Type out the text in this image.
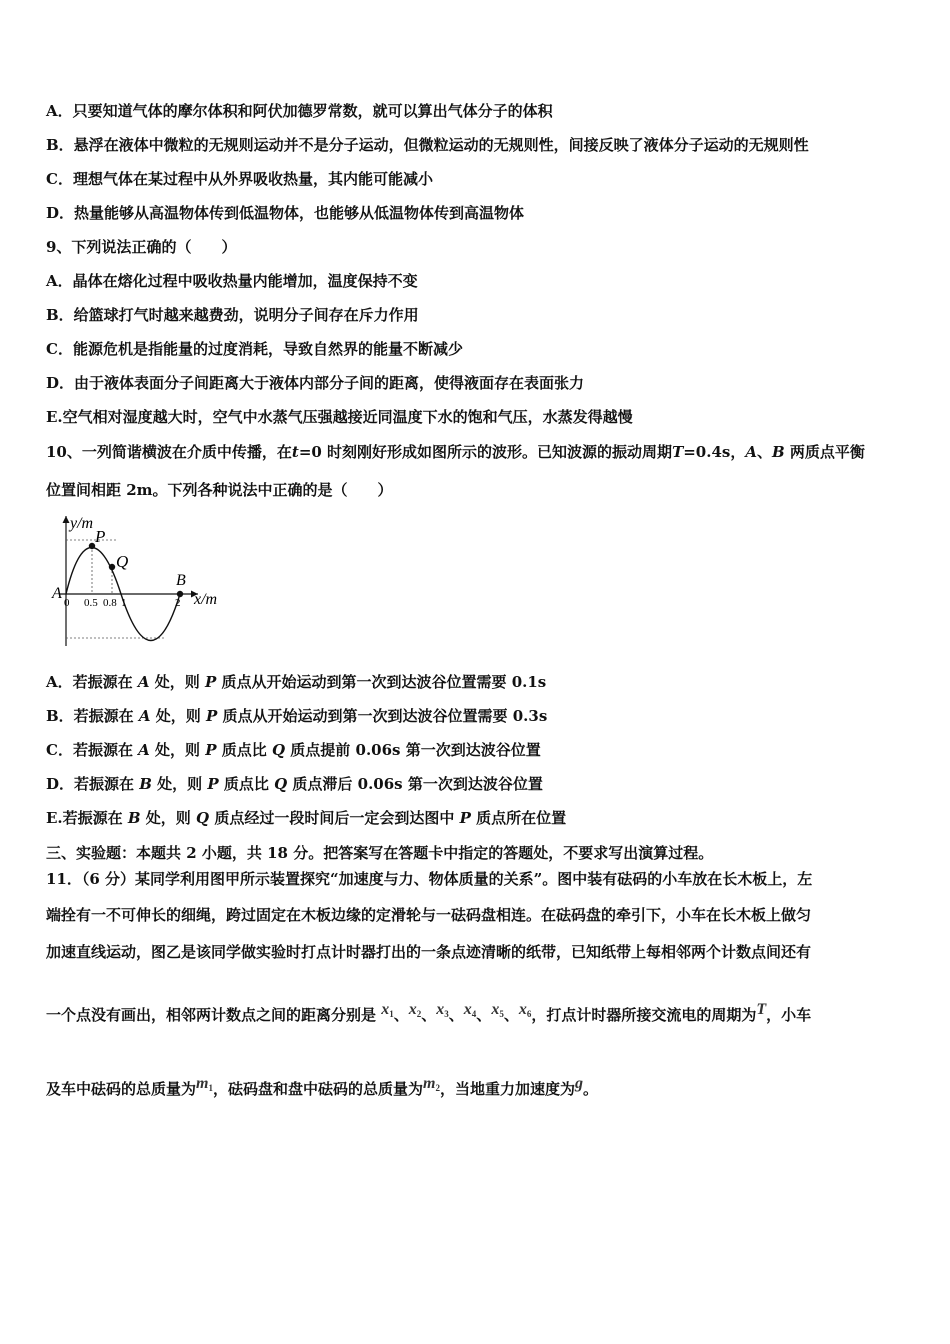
A．只要知道气体的摩尔体积和阿伏加德罗常数，就可以算出气体分子的体积
B．悬浮在液体中微粒的无规则运动并不是分子运动，但微粒运动的无规则性，间接反映了液体分子运动的无规则性
C．理想气体在某过程中从外界吸收热量，其内能可能减小
D．热量能够从高温物体传到低温物体，也能够从低温物体传到高温物体
9、下列说法正确的（　　）
A．晶体在熔化过程中吸收热量内能增加，温度保持不变
B．给篮球打气时越来越费劲，说明分子间存在斥力作用
C．能源危机是指能量的过度消耗，导致自然界的能量不断减少
D．由于液体表面分子间距离大于液体内部分子间的距离，使得液面存在表面张力
E.空气相对湿度越大时，空气中水蒸气压强越接近同温度下水的饱和气压，水蒸发得越慢
10、一列简谐横波在介质中传播，在t=0 时刻刚好形成如图所示的波形。已知波源的振动周期T=0.4s，A、B 两质点平衡
位置间相距 2m。下列各种说法中正确的是（　　）
y/m
x/m
P
Q
A
B
0 0.5 0.8 1	2
A．若振源在 A 处，则 P 质点从开始运动到第一次到达波谷位置需要 0.1s
B．若振源在 A 处，则 P 质点从开始运动到第一次到达波谷位置需要 0.3s
C．若振源在 A 处，则 P 质点比 Q 质点提前 0.06s 第一次到达波谷位置
D．若振源在 B 处，则 P 质点比 Q 质点滞后 0.06s 第一次到达波谷位置
E.若振源在 B 处，则 Q 质点经过一段时间后一定会到达图中 P 质点所在位置
三、实验题：本题共 2 小题，共 18 分。把答案写在答题卡中指定的答题处，不要求写出演算过程。
11．（6 分）某同学利用图甲所示装置探究“加速度与力、物体质量的关系”。图中装有砝码的小车放在长木板上，左
端拴有一不可伸长的细绳，跨过固定在木板边缘的定滑轮与一砝码盘相连。在砝码盘的牵引下，小车在长木板上做匀
加速直线运动，图乙是该同学做实验时打点计时器打出的一条点迹清晰的纸带，已知纸带上每相邻两个计数点间还有
一个点没有画出，相邻两计数点之间的距离分别是 x1、x2、x3、x4、x5、x6，打点计时器所接交流电的周期为T，小车
及车中砝码的总质量为m1，砝码盘和盘中砝码的总质量为m2，当地重力加速度为g。
